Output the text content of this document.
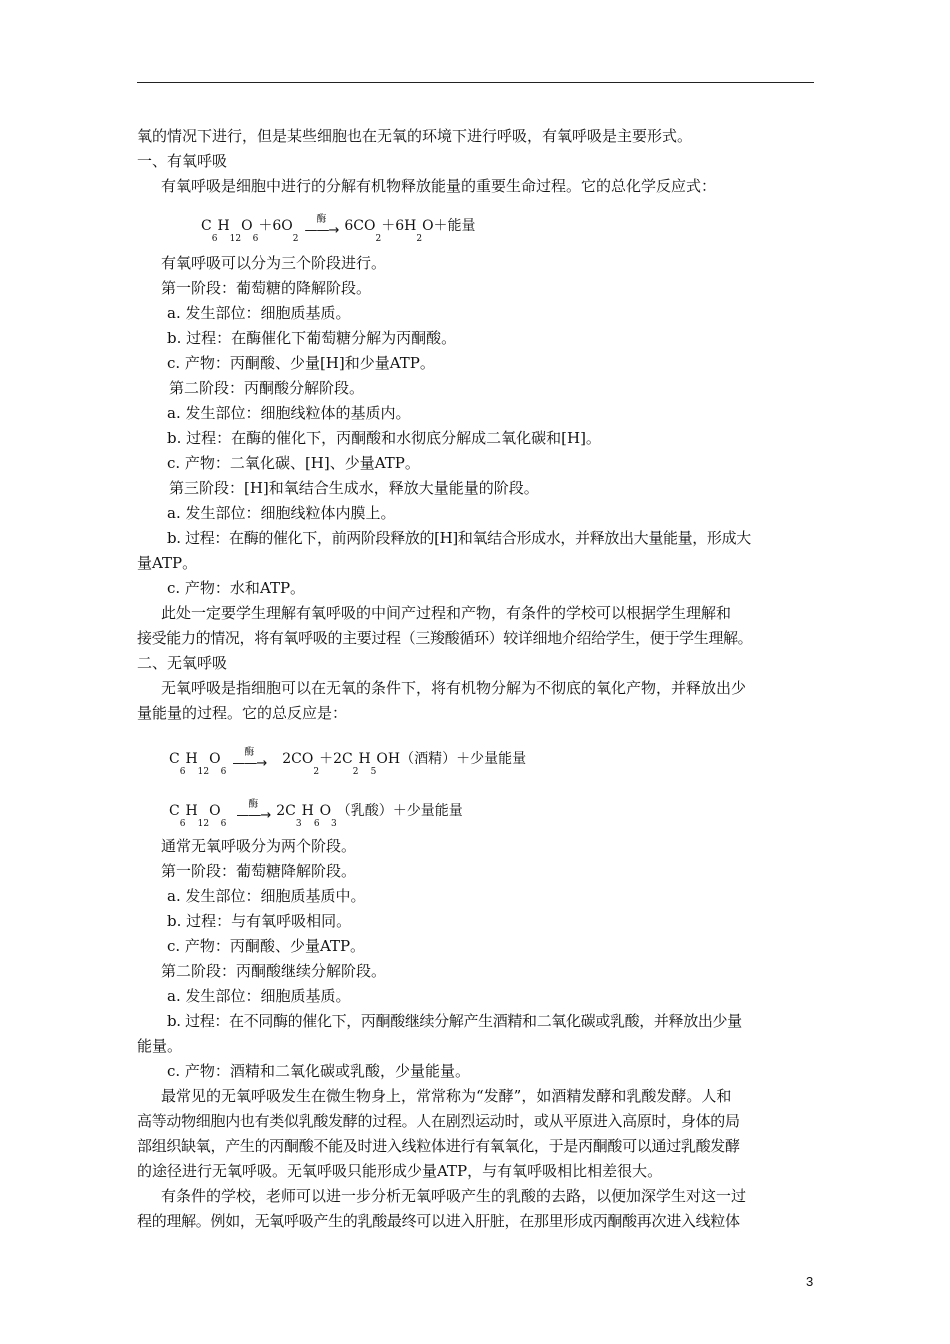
氧的情况下进行，但是某些细胞也在无氧的环境下进行呼吸，有氧呼吸是主要形式。
一、有氧呼吸
有氧呼吸是细胞中进行的分解有机物释放能量的重要生命过程。它的总化学反应式：
C
6
H
12
O
6
＋6O
2
酶
——→ 6CO
2
＋6H
2
O＋能量
有氧呼吸可以分为三个阶段进行。
第一阶段：葡萄糖的降解阶段。
a. 发生部位：细胞质基质。
b. 过程：在酶催化下葡萄糖分解为丙酮酸。
c. 产物：丙酮酸、少量[H]和少量ATP。
第二阶段：丙酮酸分解阶段。
a. 发生部位：细胞线粒体的基质内。
b. 过程：在酶的催化下，丙酮酸和水彻底分解成二氧化碳和[H]。
c. 产物：二氧化碳、[H]、少量ATP。
第三阶段：[H]和氧结合生成水，释放大量能量的阶段。
a. 发生部位：细胞线粒体内膜上。
b. 过程：在酶的催化下，前两阶段释放的[H]和氧结合形成水，并释放出大量能量，形成大
量ATP。
c. 产物：水和ATP。
此处一定要学生理解有氧呼吸的中间产过程和产物，有条件的学校可以根据学生理解和
接受能力的情况，将有氧呼吸的主要过程（三羧酸循环）较详细地介绍给学生，便于学生理解。
二、无氧呼吸
无氧呼吸是指细胞可以在无氧的条件下，将有机物分解为不彻底的氧化产物，并释放出少
量能量的过程。它的总反应是：
C
6
H
12
O
6
酶
——→ 2CO
2
＋2C
2
H
5
OH（酒精）＋少量能量
C
6
H
12
O
6
酶
——→ 2C
3
H
6
O
3
（乳酸）＋少量能量
通常无氧呼吸分为两个阶段。
第一阶段：葡萄糖降解阶段。
a. 发生部位：细胞质基质中。
b. 过程：与有氧呼吸相同。
c. 产物：丙酮酸、少量ATP。
第二阶段：丙酮酸继续分解阶段。
a. 发生部位：细胞质基质。
b. 过程：在不同酶的催化下，丙酮酸继续分解产生酒精和二氧化碳或乳酸，并释放出少量
能量。
c. 产物：酒精和二氧化碳或乳酸，少量能量。
最常见的无氧呼吸发生在微生物身上，常常称为“发酵”，如酒精发酵和乳酸发酵。人和
高等动物细胞内也有类似乳酸发酵的过程。人在剧烈运动时，或从平原进入高原时，身体的局
部组织缺氧，产生的丙酮酸不能及时进入线粒体进行有氧氧化，于是丙酮酸可以通过乳酸发酵
的途径进行无氧呼吸。无氧呼吸只能形成少量ATP，与有氧呼吸相比相差很大。
有条件的学校，老师可以进一步分析无氧呼吸产生的乳酸的去路，以便加深学生对这一过
程的理解。例如，无氧呼吸产生的乳酸最终可以进入肝脏，在那里形成丙酮酸再次进入线粒体
3
